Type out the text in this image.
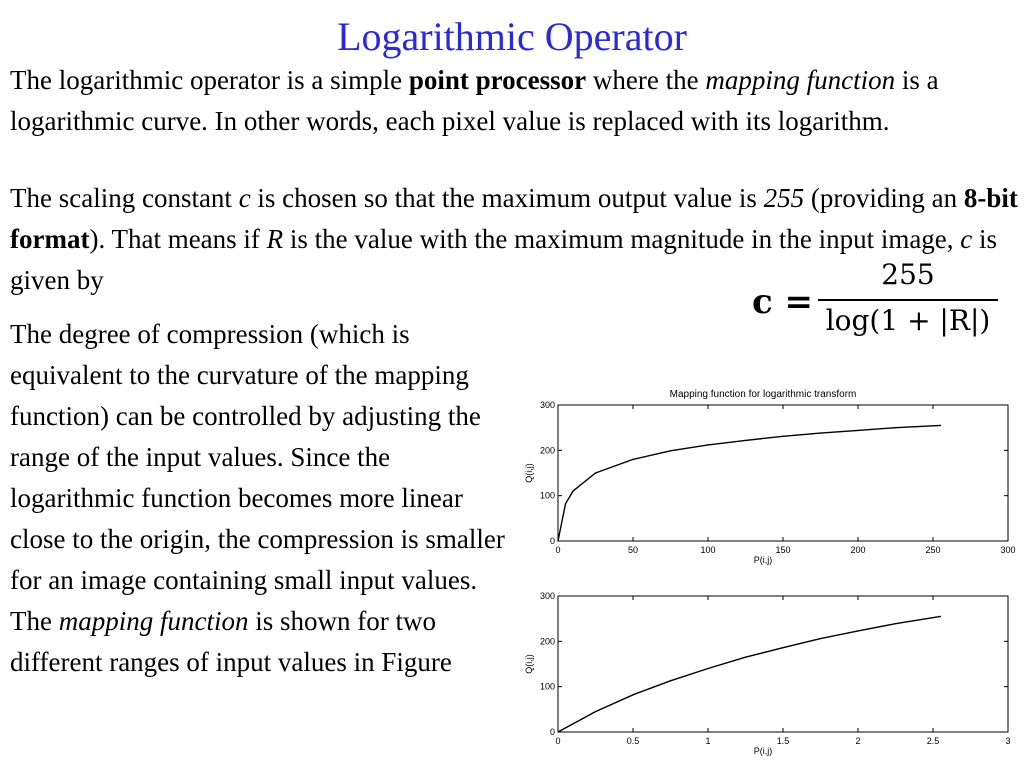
Logarithmic Operator

The logarithmic operator is a simple point processor where the mapping function is a logarithmic curve. In other words, each pixel value is replaced with its logarithm.

The scaling constant c is chosen so that the maximum output value is 255 (providing an 8-bit format). That means if R is the value with the maximum magnitude in the input image, c is given by

c =
255
log(1 + |R|)

The degree of compression (which is equivalent to the curvature of the mapping function) can be controlled by adjusting the range of the input values. Since the logarithmic function becomes more linear close to the origin, the compression is smaller for an image containing small input values. The mapping function is shown for two different ranges of input values in Figure

Mapping function for logarithmic transform
0	50	100	150	200	250	300
0
100
200
300
P(i,j)
Q(i,j)
0	0.5	1	1.5	2	2.5	3
0
100
200
300
P(i,j)
Q(i,j)
